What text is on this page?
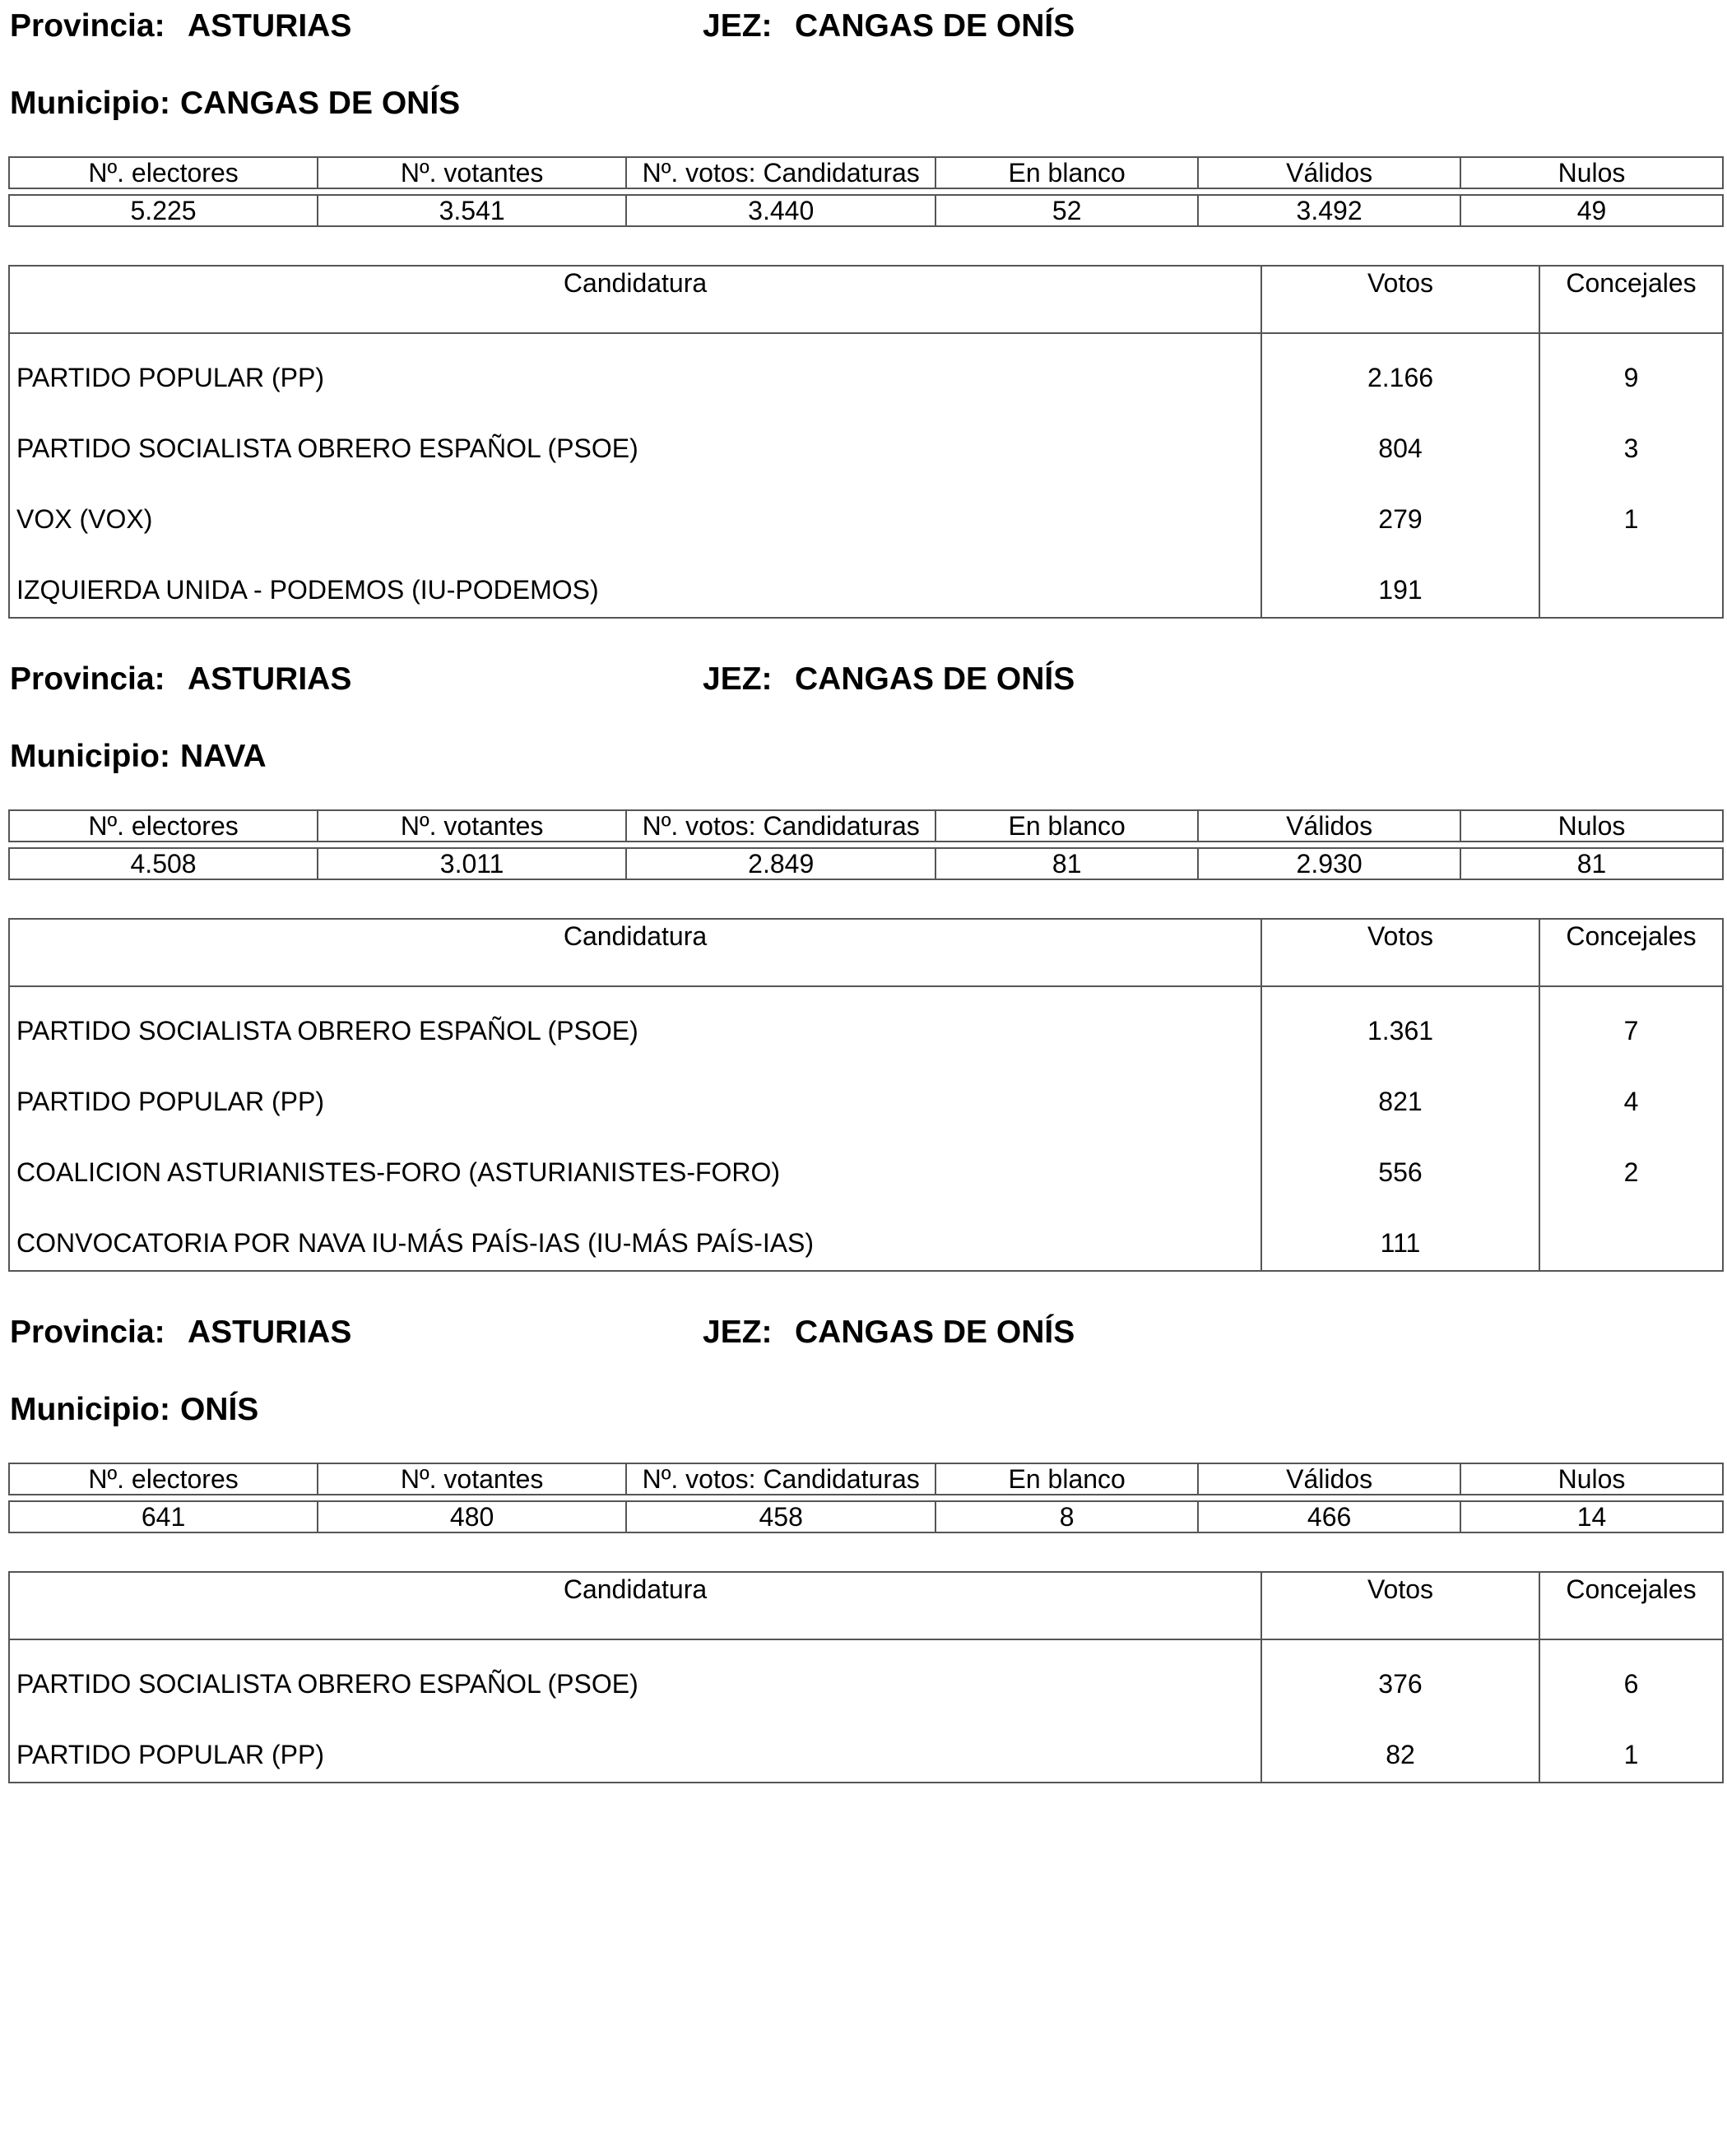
Provincia: ASTURIAS	JEZ: CANGAS DE ONÍS
Municipio: CANGAS DE ONÍS
Nº. electores	Nº. votantes	Nº. votos: Candidaturas	En blanco	Válidos	Nulos

5.225	3.541	3.440	52	3.492	49
Candidatura	Votos	Concejales
PARTIDO POPULAR (PP)	2.166	9
PARTIDO SOCIALISTA OBRERO ESPAÑOL (PSOE)	804	3
VOX (VOX)	279	1
IZQUIERDA UNIDA - PODEMOS (IU-PODEMOS)	191
Provincia: ASTURIAS	JEZ: CANGAS DE ONÍS
Municipio: NAVA
Nº. electores	Nº. votantes	Nº. votos: Candidaturas	En blanco	Válidos	Nulos

4.508	3.011	2.849	81	2.930	81
Candidatura	Votos	Concejales
PARTIDO SOCIALISTA OBRERO ESPAÑOL (PSOE)	1.361	7
PARTIDO POPULAR (PP)	821	4
COALICION ASTURIANISTES-FORO (ASTURIANISTES-FORO)	556	2
CONVOCATORIA POR NAVA IU-MÁS PAÍS-IAS (IU-MÁS PAÍS-IAS)	111
Provincia: ASTURIAS	JEZ: CANGAS DE ONÍS
Municipio: ONÍS
Nº. electores	Nº. votantes	Nº. votos: Candidaturas	En blanco	Válidos	Nulos

641	480	458	8	466	14
Candidatura	Votos	Concejales
PARTIDO SOCIALISTA OBRERO ESPAÑOL (PSOE)	376	6
PARTIDO POPULAR (PP)	82	1
